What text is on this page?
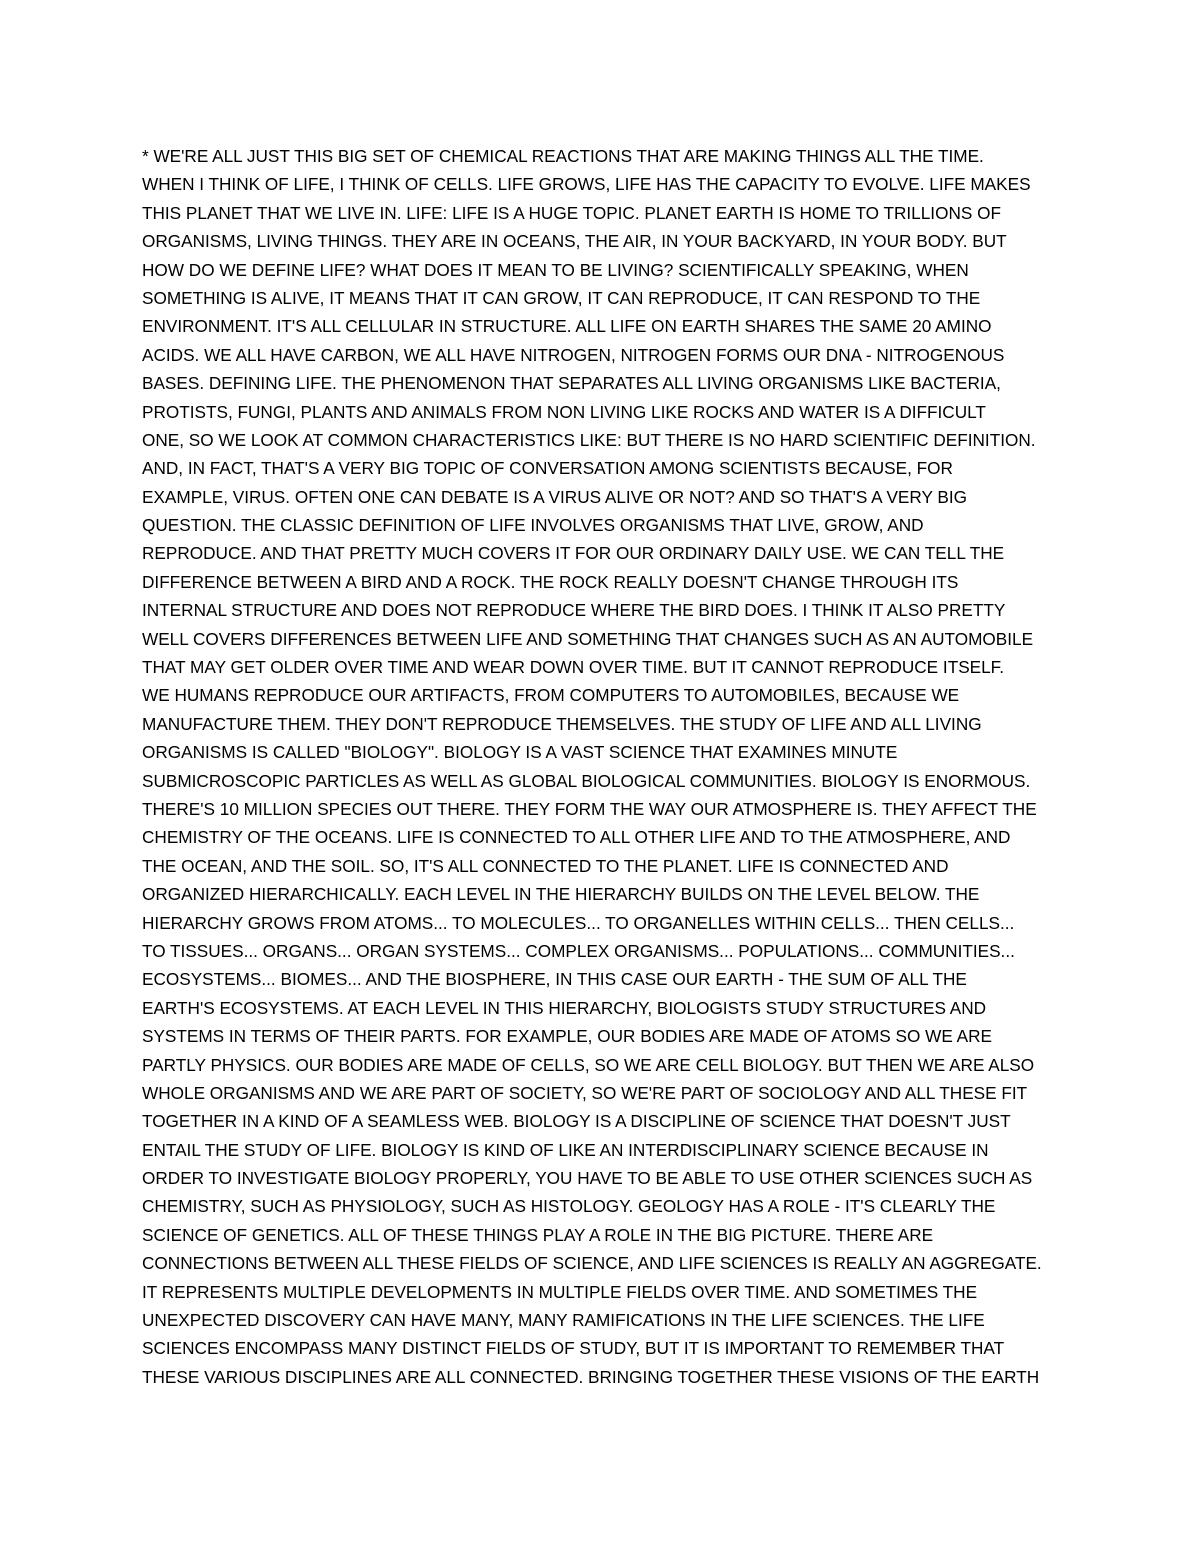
* WE'RE ALL JUST THIS BIG SET OF CHEMICAL REACTIONS THAT ARE MAKING THINGS ALL THE TIME.
WHEN I THINK OF LIFE, I THINK OF CELLS. LIFE GROWS, LIFE HAS THE CAPACITY TO EVOLVE. LIFE MAKES
THIS PLANET THAT WE LIVE IN. LIFE: LIFE IS A HUGE TOPIC. PLANET EARTH IS HOME TO TRILLIONS OF
ORGANISMS, LIVING THINGS. THEY ARE IN OCEANS, THE AIR, IN YOUR BACKYARD, IN YOUR BODY. BUT
HOW DO WE DEFINE LIFE? WHAT DOES IT MEAN TO BE LIVING? SCIENTIFICALLY SPEAKING, WHEN
SOMETHING IS ALIVE, IT MEANS THAT IT CAN GROW, IT CAN REPRODUCE, IT CAN RESPOND TO THE
ENVIRONMENT. IT'S ALL CELLULAR IN STRUCTURE. ALL LIFE ON EARTH SHARES THE SAME 20 AMINO
ACIDS. WE ALL HAVE CARBON, WE ALL HAVE NITROGEN, NITROGEN FORMS OUR DNA - NITROGENOUS
BASES. DEFINING LIFE. THE PHENOMENON THAT SEPARATES ALL LIVING ORGANISMS LIKE BACTERIA,
PROTISTS, FUNGI, PLANTS AND ANIMALS FROM NON LIVING LIKE ROCKS AND WATER IS A DIFFICULT
ONE, SO WE LOOK AT COMMON CHARACTERISTICS LIKE: BUT THERE IS NO HARD SCIENTIFIC DEFINITION.
AND, IN FACT, THAT'S A VERY BIG TOPIC OF CONVERSATION AMONG SCIENTISTS BECAUSE, FOR
EXAMPLE, VIRUS. OFTEN ONE CAN DEBATE IS A VIRUS ALIVE OR NOT? AND SO THAT'S A VERY BIG
QUESTION. THE CLASSIC DEFINITION OF LIFE INVOLVES ORGANISMS THAT LIVE, GROW, AND
REPRODUCE. AND THAT PRETTY MUCH COVERS IT FOR OUR ORDINARY DAILY USE. WE CAN TELL THE
DIFFERENCE BETWEEN A BIRD AND A ROCK. THE ROCK REALLY DOESN'T CHANGE THROUGH ITS
INTERNAL STRUCTURE AND DOES NOT REPRODUCE WHERE THE BIRD DOES. I THINK IT ALSO PRETTY
WELL COVERS DIFFERENCES BETWEEN LIFE AND SOMETHING THAT CHANGES SUCH AS AN AUTOMOBILE
THAT MAY GET OLDER OVER TIME AND WEAR DOWN OVER TIME. BUT IT CANNOT REPRODUCE ITSELF.
WE HUMANS REPRODUCE OUR ARTIFACTS, FROM COMPUTERS TO AUTOMOBILES, BECAUSE WE
MANUFACTURE THEM. THEY DON'T REPRODUCE THEMSELVES. THE STUDY OF LIFE AND ALL LIVING
ORGANISMS IS CALLED "BIOLOGY". BIOLOGY IS A VAST SCIENCE THAT EXAMINES MINUTE
SUBMICROSCOPIC PARTICLES AS WELL AS GLOBAL BIOLOGICAL COMMUNITIES. BIOLOGY IS ENORMOUS.
THERE'S 10 MILLION SPECIES OUT THERE. THEY FORM THE WAY OUR ATMOSPHERE IS. THEY AFFECT THE
CHEMISTRY OF THE OCEANS. LIFE IS CONNECTED TO ALL OTHER LIFE AND TO THE ATMOSPHERE, AND
THE OCEAN, AND THE SOIL. SO, IT'S ALL CONNECTED TO THE PLANET. LIFE IS CONNECTED AND
ORGANIZED HIERARCHICALLY. EACH LEVEL IN THE HIERARCHY BUILDS ON THE LEVEL BELOW. THE
HIERARCHY GROWS FROM ATOMS... TO MOLECULES... TO ORGANELLES WITHIN CELLS... THEN CELLS...
TO TISSUES... ORGANS... ORGAN SYSTEMS... COMPLEX ORGANISMS... POPULATIONS... COMMUNITIES...
ECOSYSTEMS... BIOMES... AND THE BIOSPHERE, IN THIS CASE OUR EARTH - THE SUM OF ALL THE
EARTH'S ECOSYSTEMS. AT EACH LEVEL IN THIS HIERARCHY, BIOLOGISTS STUDY STRUCTURES AND
SYSTEMS IN TERMS OF THEIR PARTS. FOR EXAMPLE, OUR BODIES ARE MADE OF ATOMS SO WE ARE
PARTLY PHYSICS. OUR BODIES ARE MADE OF CELLS, SO WE ARE CELL BIOLOGY. BUT THEN WE ARE ALSO
WHOLE ORGANISMS AND WE ARE PART OF SOCIETY, SO WE'RE PART OF SOCIOLOGY AND ALL THESE FIT
TOGETHER IN A KIND OF A SEAMLESS WEB. BIOLOGY IS A DISCIPLINE OF SCIENCE THAT DOESN'T JUST
ENTAIL THE STUDY OF LIFE. BIOLOGY IS KIND OF LIKE AN INTERDISCIPLINARY SCIENCE BECAUSE IN
ORDER TO INVESTIGATE BIOLOGY PROPERLY, YOU HAVE TO BE ABLE TO USE OTHER SCIENCES SUCH AS
CHEMISTRY, SUCH AS PHYSIOLOGY, SUCH AS HISTOLOGY. GEOLOGY HAS A ROLE - IT'S CLEARLY THE
SCIENCE OF GENETICS. ALL OF THESE THINGS PLAY A ROLE IN THE BIG PICTURE. THERE ARE
CONNECTIONS BETWEEN ALL THESE FIELDS OF SCIENCE, AND LIFE SCIENCES IS REALLY AN AGGREGATE.
IT REPRESENTS MULTIPLE DEVELOPMENTS IN MULTIPLE FIELDS OVER TIME. AND SOMETIMES THE
UNEXPECTED DISCOVERY CAN HAVE MANY, MANY RAMIFICATIONS IN THE LIFE SCIENCES. THE LIFE
SCIENCES ENCOMPASS MANY DISTINCT FIELDS OF STUDY, BUT IT IS IMPORTANT TO REMEMBER THAT
THESE VARIOUS DISCIPLINES ARE ALL CONNECTED. BRINGING TOGETHER THESE VISIONS OF THE EARTH
